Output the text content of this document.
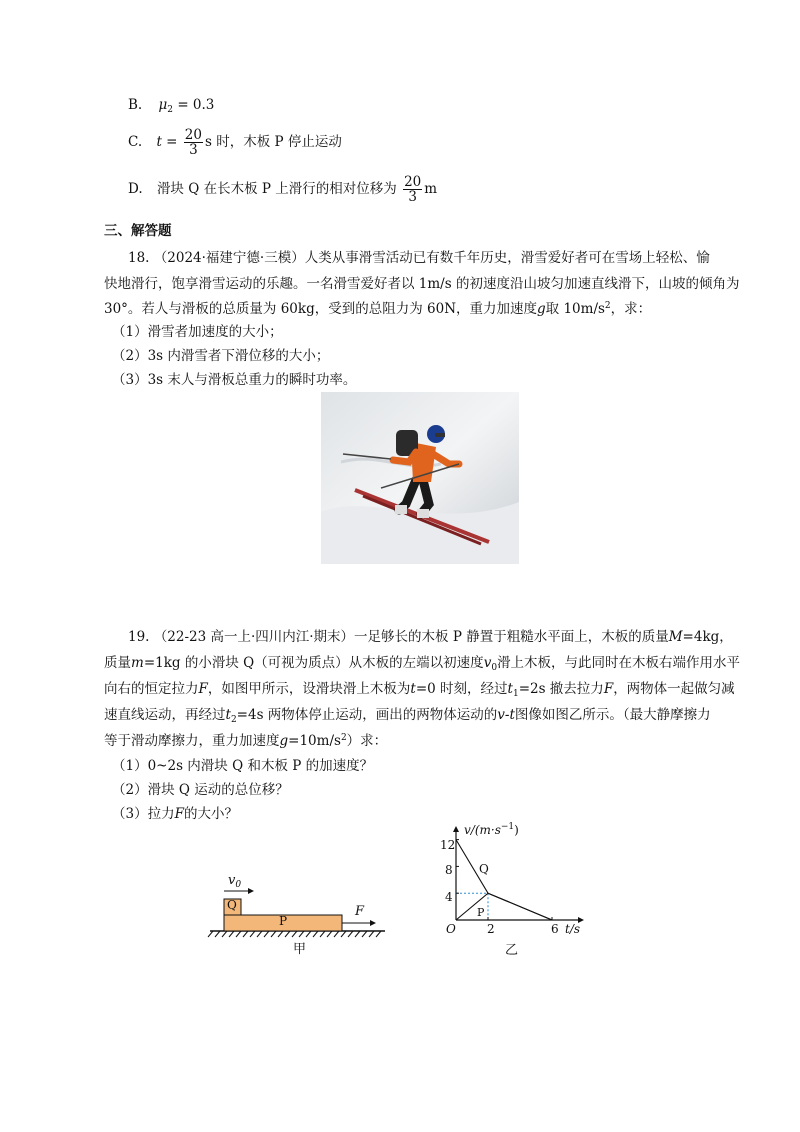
B. $\mu_2 = 0.3$
C. $t = \frac{20}{3}$ s 时，木板 P 停止运动
D. 滑块 Q 在长木板 P 上滑行的相对位移为 $\frac{20}{3}$ m
三、解答题
18. （2024·福建宁德·三模）人类从事滑雪活动已有数千年历史，滑雪爱好者可在雪场上轻松、愉
快地滑行，饱享滑雪运动的乐趣。一名滑雪爱好者以 1m/s 的初速度沿山坡匀加速直线滑下，山坡的倾角为
30°。若人与滑板的总质量为 60kg，受到的总阻力为 60N，重力加速度g取 $10m/s^2$，求：
（1）滑雪者加速度的大小；
（2）3s 内滑雪者下滑位移的大小；
（3）3s 末人与滑板总重力的瞬时功率。
19. （22-23 高一上·四川内江·期末）一足够长的木板 P 静置于粗糙水平面上，木板的质量M=4kg，
质量m=1kg 的小滑块 Q（可视为质点）从木板的左端以初速度$v_0$滑上木板，与此同时在木板右端作用水平
向右的恒定拉力F，如图甲所示，设滑块滑上木板为t=0 时刻，经过$t_1=2s$ 撤去拉力F，两物体一起做匀减
速直线运动，再经过$t_2=4s$ 两物体停止运动，画出的两物体运动的v-t图像如图乙所示。（最大静摩擦力
等于滑动摩擦力，重力加速度$g=10m/s^2$）求：
（1）0~2s 内滑块 Q 和木板 P 的加速度？
（2）滑块 Q 运动的总位移？
（3）拉力F的大小？
$v_0$
Q
P
F
甲
$v/(m\cdot s^{-1})$
t/s
12
8
4
2	6
O
Q
P
乙
